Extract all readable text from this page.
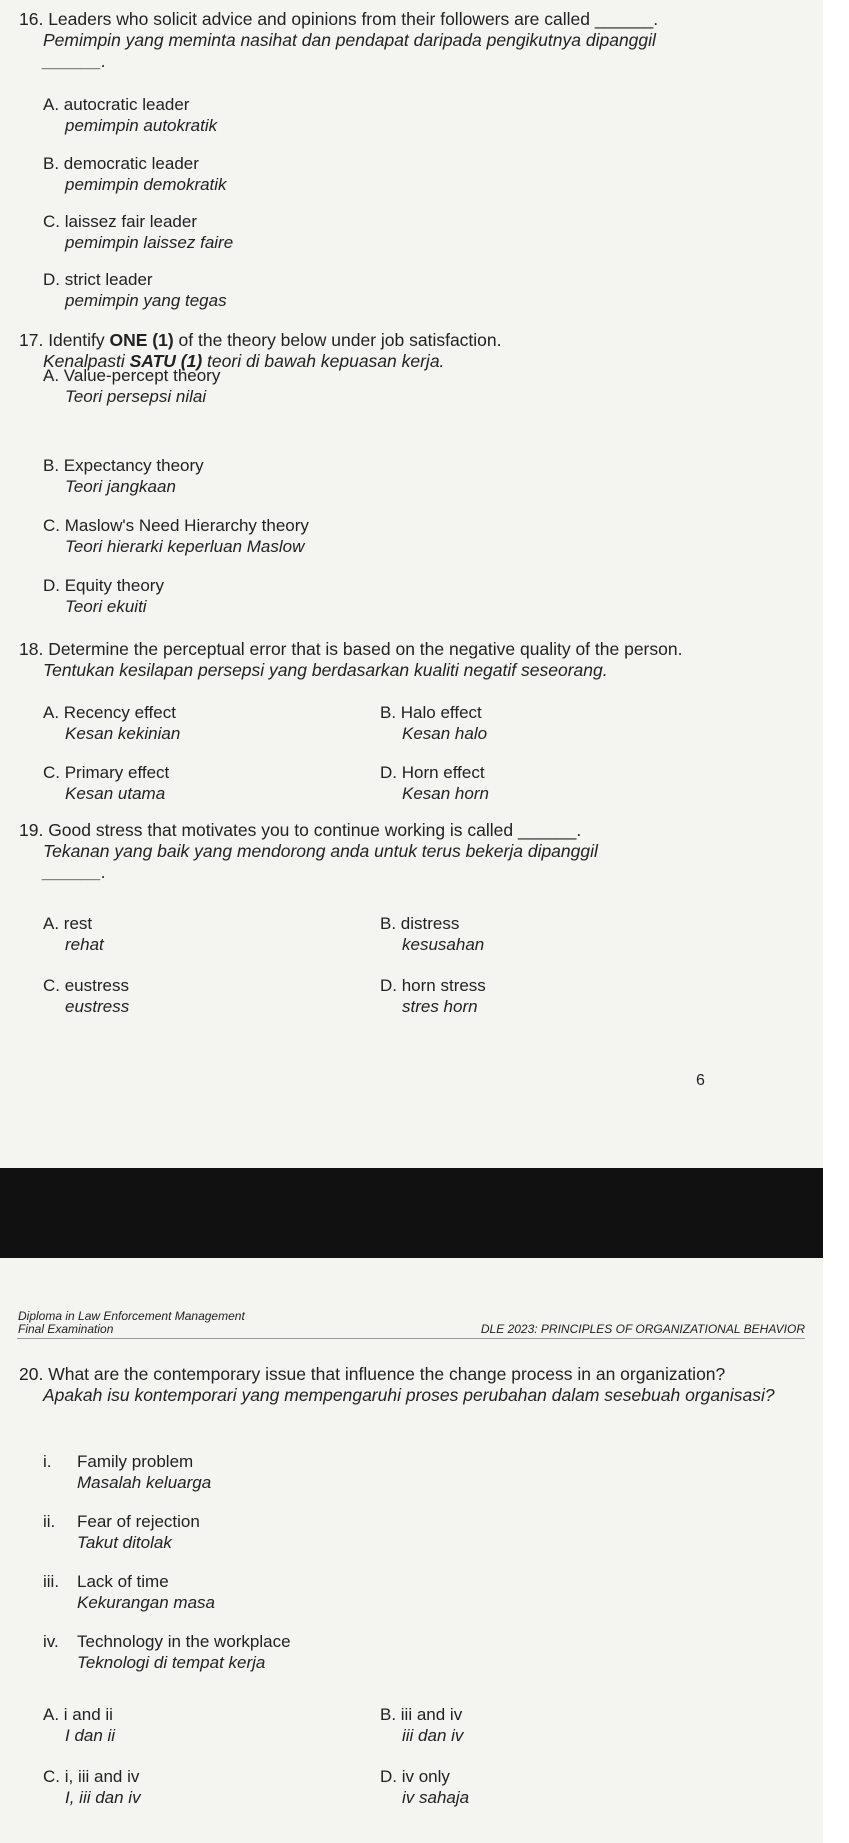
16. Leaders who solicit advice and opinions from their followers are called ______.

Pemimpin yang meminta nasihat dan pendapat daripada pengikutnya dipanggil

______.

A. autocratic leader
pemimpin autokratik
B. democratic leader
pemimpin demokratik
C. laissez fair leader
pemimpin laissez faire
D. strict leader
pemimpin yang tegas

17. Identify ONE (1) of the theory below under job satisfaction.

Kenalpasti SATU (1) teori di bawah kepuasan kerja.

A. Value-percept theory
Teori persepsi nilai
B. Expectancy theory
Teori jangkaan
C. Maslow's Need Hierarchy theory
Teori hierarki keperluan Maslow
D. Equity theory
Teori ekuiti

18. Determine the perceptual error that is based on the negative quality of the person.

Tentukan kesilapan persepsi yang berdasarkan kualiti negatif seseorang.

A. Recency effect
Kesan kekinian
B. Halo effect
Kesan halo
C. Primary effect
Kesan utama
D. Horn effect
Kesan horn

19. Good stress that motivates you to continue working is called ______.

Tekanan yang baik yang mendorong anda untuk terus bekerja dipanggil

______.

A. rest
rehat
B. distress
kesusahan
C. eustress
eustress
D. horn stress
stres horn
6
Diploma in Law Enforcement Management
Final Examination	DLE 2023: PRINCIPLES OF ORGANIZATIONAL BEHAVIOR

20. What are the contemporary issue that influence the change process in an organization?

Apakah isu kontemporari yang mempengaruhi proses perubahan dalam sesebuah organisasi?

i. Family problem
Masalah keluarga
ii. Fear of rejection
Takut ditolak
iii. Lack of time
Kekurangan masa
iv. Technology in the workplace
Teknologi di tempat kerja
A. i and ii
I dan ii
B. iii and iv
iii dan iv
C. i, iii and iv
I, iii dan iv
D. iv only
iv sahaja
